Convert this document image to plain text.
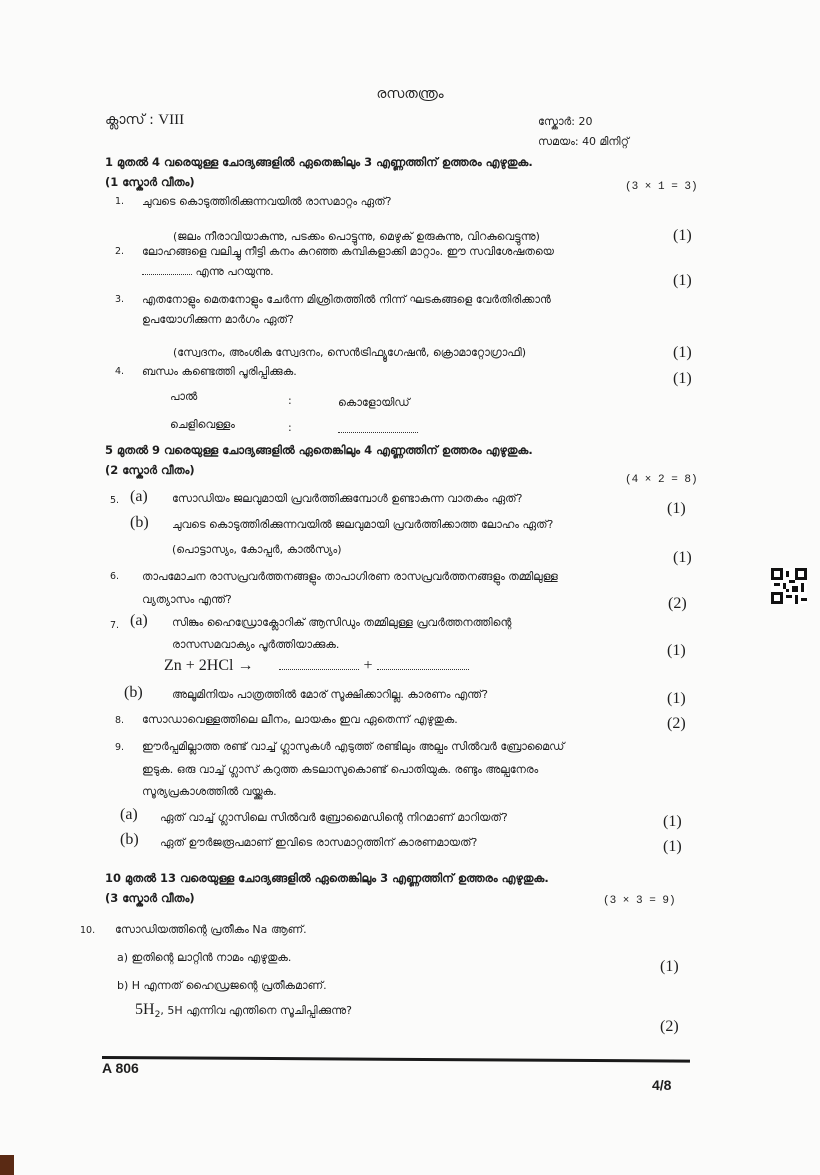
രസതന്ത്രം
ക്ലാസ് : VIII	സ്കോർ: 20
സമയം: 40 മിനിറ്റ്
1 മുതൽ 4 വരെയുള്ള ചോദ്യങ്ങളിൽ ഏതെങ്കിലും 3 എണ്ണത്തിന് ഉത്തരം എഴുതുക.
(1 സ്കോർ വീതം)	(3 × 1 = 3)
1. ചുവടെ കൊടുത്തിരിക്കുന്നവയിൽ രാസമാറ്റം ഏത്?
(ജലം നീരാവിയാകുന്നു, പടക്കം പൊട്ടുന്നു, മെഴുക് ഉരുകുന്നു, വിറകുവെട്ടുന്നു)	(1)
2. ലോഹങ്ങളെ വലിച്ചു നീട്ടി കനം കുറഞ്ഞ കമ്പികളാക്കി മാറ്റാം. ഈ സവിശേഷതയെ
എന്നു പറയുന്നു.
(1)
3. എതനോളും മെതനോളും ചേർന്ന മിശ്രിതത്തിൽ നിന്ന് ഘടകങ്ങളെ വേർതിരിക്കാൻ
ഉപയോഗിക്കുന്ന മാർഗം ഏത്?
(സ്വേദനം, അംശിക സ്വേദനം, സെൻട്രിഫ്യൂഗേഷൻ, ക്രൊമാറ്റോഗ്രാഫി)	(1)
4. ബന്ധം കണ്ടെത്തി പൂരിപ്പിക്കുക.	(1)
പാൽ	:	കൊളോയിഡ്
ചെളിവെള്ളം	:
5 മുതൽ 9 വരെയുള്ള ചോദ്യങ്ങളിൽ ഏതെങ്കിലും 4 എണ്ണത്തിന് ഉത്തരം എഴുതുക.
(2 സ്കോർ വീതം)
(4 × 2 = 8)
5. (a) സോഡിയം ജലവുമായി പ്രവർത്തിക്കുമ്പോൾ ഉണ്ടാകുന്ന വാതകം ഏത്?
(1)
(b) ചുവടെ കൊടുത്തിരിക്കുന്നവയിൽ ജലവുമായി പ്രവർത്തിക്കാത്ത ലോഹം ഏത്?
(പൊട്ടാസ്യം, കോപ്പർ, കാൽസ്യം)	(1)
6. താപമോചന രാസപ്രവർത്തനങ്ങളും താപാഗിരണ രാസപ്രവർത്തനങ്ങളും തമ്മിലുള്ള
വ്യത്യാസം എന്ത്?	(2)
7. (a) സിങ്കും ഹൈഡ്രോക്ലോറിക് ആസിഡും തമ്മിലുള്ള പ്രവർത്തനത്തിന്റെ
രാസസമവാക്യം പൂർത്തിയാക്കുക.	(1)
Zn + 2HCl →	+
(b)	അലൂമിനിയം പാത്രത്തിൽ മോര് സൂക്ഷിക്കാറില്ല. കാരണം എന്ത്?	(1)
8. സോഡാവെള്ളത്തിലെ ലീനം, ലായകം ഇവ ഏതെന്ന് എഴുതുക.	(2)
9. ഈർപ്പമില്ലാത്ത രണ്ട് വാച്ച് ഗ്ലാസുകൾ എടുത്ത് രണ്ടിലും അല്പം സിൽവർ ബ്രോമൈഡ്
ഇടുക. ഒരു വാച്ച് ഗ്ലാസ് കറുത്ത കടലാസുകൊണ്ട് പൊതിയുക. രണ്ടും അല്പനേരം
സൂര്യപ്രകാശത്തിൽ വയ്ക്കുക.
(a) ഏത് വാച്ച് ഗ്ലാസിലെ സിൽവർ ബ്രോമൈഡിന്റെ നിറമാണ് മാറിയത്?	(1)
(b) ഏത് ഊർജരൂപമാണ് ഇവിടെ രാസമാറ്റത്തിന് കാരണമായത്?	(1)
10 മുതൽ 13 വരെയുള്ള ചോദ്യങ്ങളിൽ ഏതെങ്കിലും 3 എണ്ണത്തിന് ഉത്തരം എഴുതുക.
(3 സ്കോർ വീതം)	(3 × 3 = 9)
10. സോഡിയത്തിന്റെ പ്രതീകം Na ആണ്.
a) ഇതിന്റെ ലാറ്റിൻ നാമം എഴുതുക.
(1)
b) H എന്നത് ഹൈഡ്രജന്റെ പ്രതീകമാണ്.
$5H_2$, 5H എന്നിവ എന്തിനെ സൂചിപ്പിക്കുന്നു?
(2)
A 806
4/8
